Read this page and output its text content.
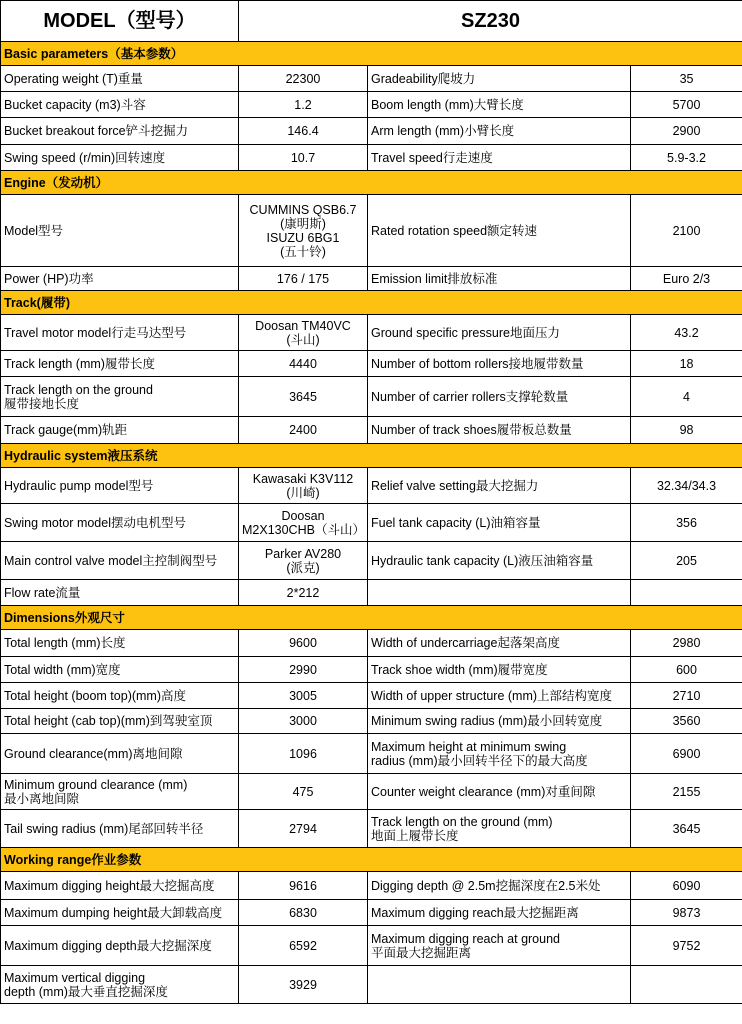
MODEL（型号）	SZ230		
Basic parameters（基本参数）			
Operating weight (T)重量	22300	Gradeability爬坡力	35
Bucket capacity (m3)斗容	1.2	Boom length (mm)大臂长度	5700
Bucket breakout force铲斗挖掘力	146.4	Arm length (mm)小臂长度	2900
Swing speed (r/min)回转速度	10.7	Travel speed行走速度	5.9-3.2
Engine（发动机）			
Model型号	CUMMINS QSB6.7
(康明斯)
ISUZU 6BG1
(五十铃)	Rated rotation speed额定转速	2100
Power (HP)功率	176 / 175	Emission limit排放标准	Euro 2/3
Track(履带)			
Travel motor model行走马达型号	Doosan TM40VC
(斗山)	Ground specific pressure地面压力	43.2
Track length (mm)履带长度	4440	Number of bottom rollers接地履带数量	18
Track length on the ground
履带接地长度	3645	Number of carrier rollers支撑轮数量	4
Track gauge(mm)轨距	2400	Number of track shoes履带板总数量	98
Hydraulic system液压系统			
Hydraulic pump model型号	Kawasaki K3V112
(川崎)	Relief valve setting最大挖掘力	32.34/34.3
Swing motor model摆动电机型号	Doosan
M2X130CHB（斗山）	Fuel tank capacity (L)油箱容量	356
Main control valve model主控制阀型号	Parker AV280
(派克)	Hydraulic tank capacity (L)液压油箱容量	205
Flow rate流量	2*212		
Dimensions外观尺寸			
Total length (mm)长度	9600	Width of undercarriage起落架高度	2980
Total width (mm)宽度	2990	Track shoe width (mm)履带宽度	600
Total height (boom top)(mm)高度	3005	Width of upper structure (mm)上部结构宽度	2710
Total height (cab top)(mm)到驾驶室顶	3000	Minimum swing radius (mm)最小回转宽度	3560
Ground clearance(mm)离地间隙	1096	Maximum height at minimum swing
radius (mm)最小回转半径下的最大高度	6900
Minimum ground clearance (mm)
最小离地间隙	475	Counter weight clearance (mm)对重间隙	2155
Tail swing radius (mm)尾部回转半径	2794	Track length on the ground (mm)
地面上履带长度	3645
Working range作业参数			
Maximum digging height最大挖掘高度	9616	Digging depth @ 2.5m挖掘深度在2.5米处	6090
Maximum dumping height最大卸载高度	6830	Maximum digging reach最大挖掘距离	9873
Maximum digging depth最大挖掘深度	6592	Maximum digging reach at ground
平面最大挖掘距离	9752
Maximum vertical digging
depth (mm)最大垂直挖掘深度	3929		
